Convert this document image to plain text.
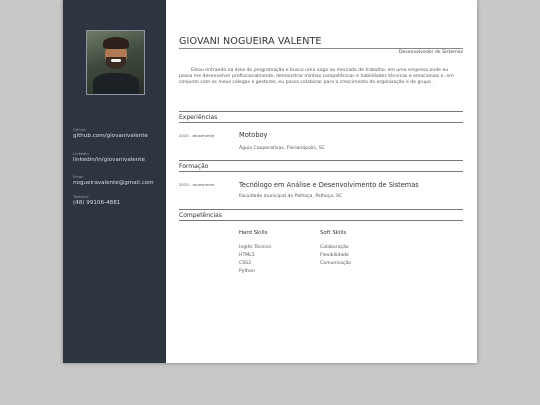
Github
github.com/giovanivalente
Linkedin
linkedin/in/giovanivalente
Email
nogueiravalente@gmail.com
Telefone
(48) 99106-4881
GIOVANI NOGUEIRA VALENTE
Desenvolvedor de Sistemas
Estou entrando na área de programação e busco uma vaga no mercado de trabalho, em uma empresa onde eu possa me desenvolver profissionalmente, demonstrar minhas competências e habilidades técnicas e emocionais e, em conjunto com os meus colegas e gestores, eu possa colaborar para o crescimento da organização e do grupo .
Experiências
2020 - atualmente	Motoboy
Águia Cooperativas, Florianópolis, SC
Formação
2020 - atualmente	Tecnólogo em Análise e Desenvolvimento de Sistemas
Faculdade municipal de Palhoça, Palhoça, SC
Competências
Hard Skills
Inglês Técnico
HTML5
CSS3
Python
Soft Skills
Colaboração
Flexibilidade
Comunicação
